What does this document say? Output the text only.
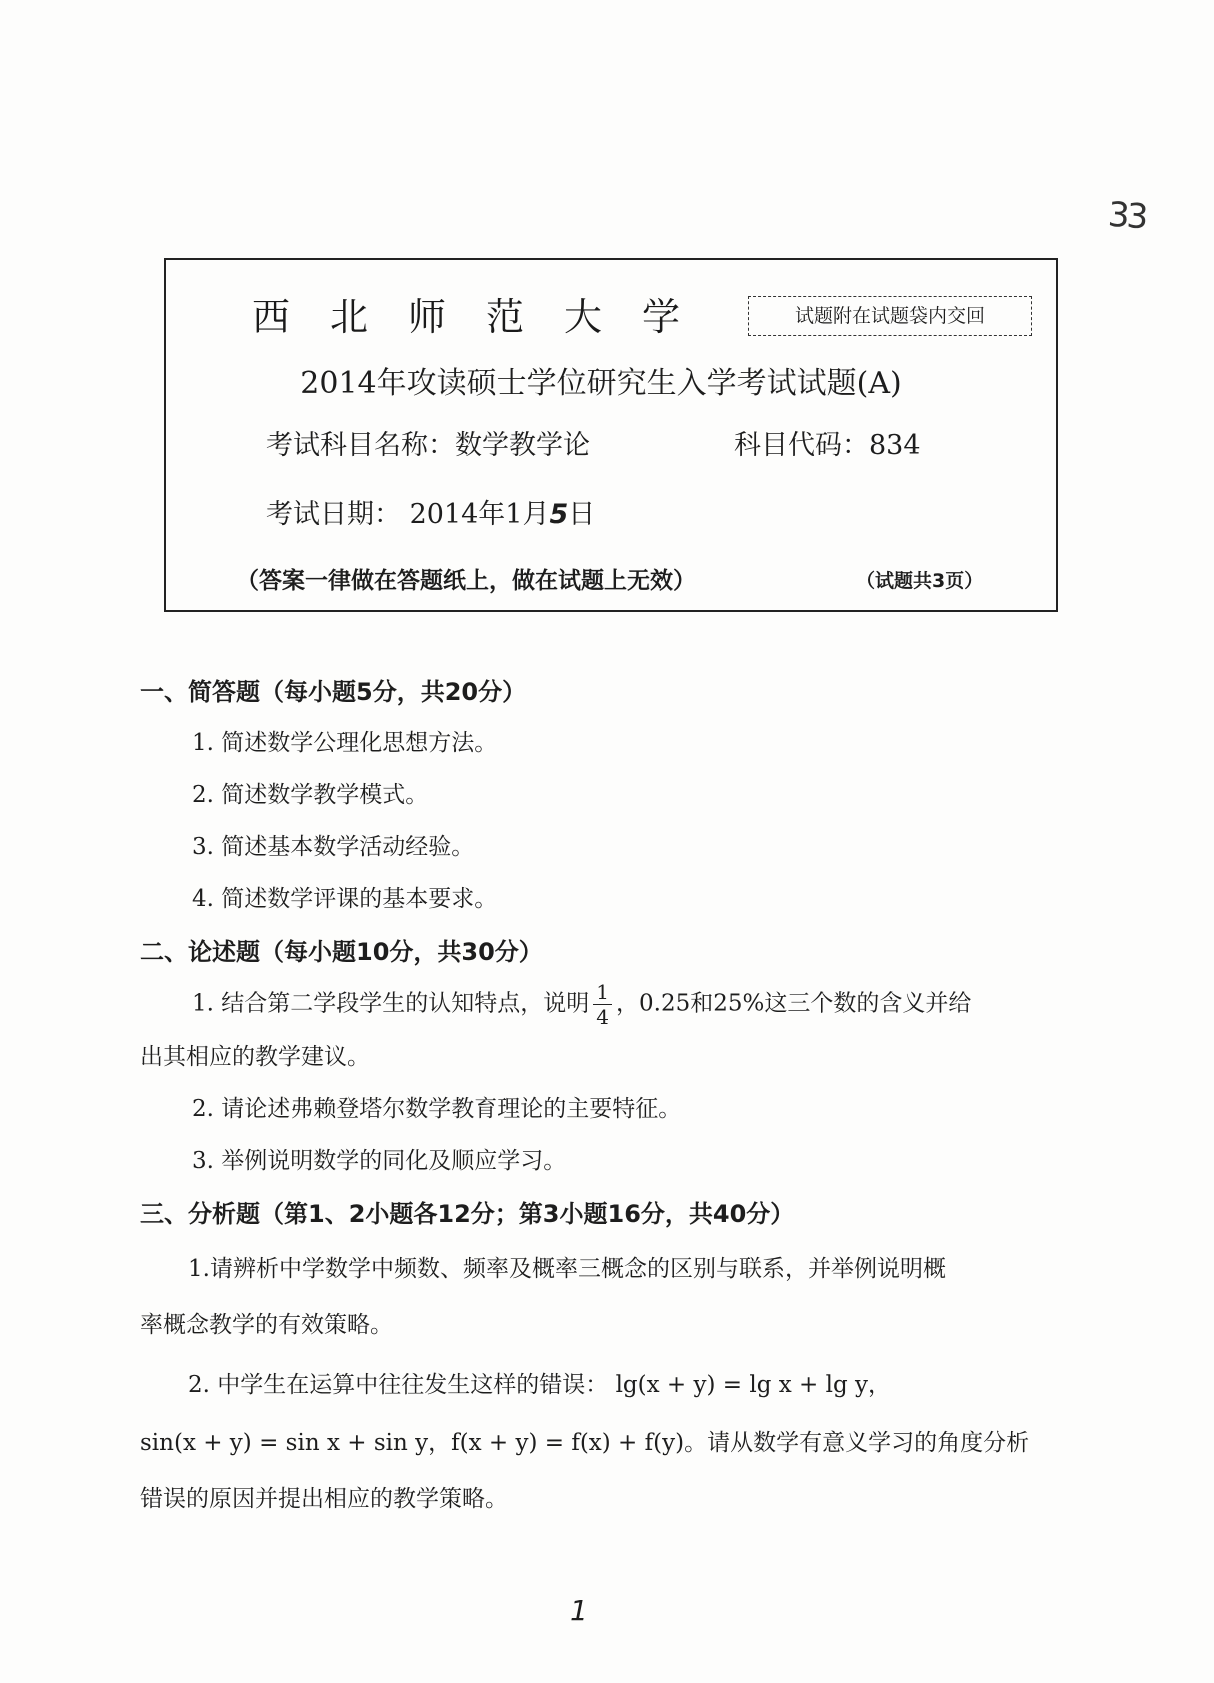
33
西北师范大学	试题附在试题袋内交回
2014年攻读硕士学位研究生入学考试试题(A)
考试科目名称：数学教学论	科目代码：834
考试日期： 2014年1月5日
（答案一律做在答题纸上，做在试题上无效）	（试题共3页）
一、简答题（每小题5分，共20分）
1. 简述数学公理化思想方法。
2. 简述数学教学模式。
3. 简述基本数学活动经验。
4. 简述数学评课的基本要求。
二、论述题（每小题10分，共30分）
1. 结合第二学段学生的认知特点，说明 $\frac{1}{4}$ ，0.25和25%这三个数的含义并给
出其相应的教学建议。
2. 请论述弗赖登塔尔数学教育理论的主要特征。
3. 举例说明数学的同化及顺应学习。
三、分析题（第1、2小题各12分；第3小题16分，共40分）
1.请辨析中学数学中频数、频率及概率三概念的区别与联系，并举例说明概
率概念教学的有效策略。
2. 中学生在运算中往往发生这样的错误： lg(x + y) = lg x + lg y，
sin(x + y) = sin x + sin y，f(x + y) = f(x) + f(y)。请从数学有意义学习的角度分析
错误的原因并提出相应的教学策略。
1
